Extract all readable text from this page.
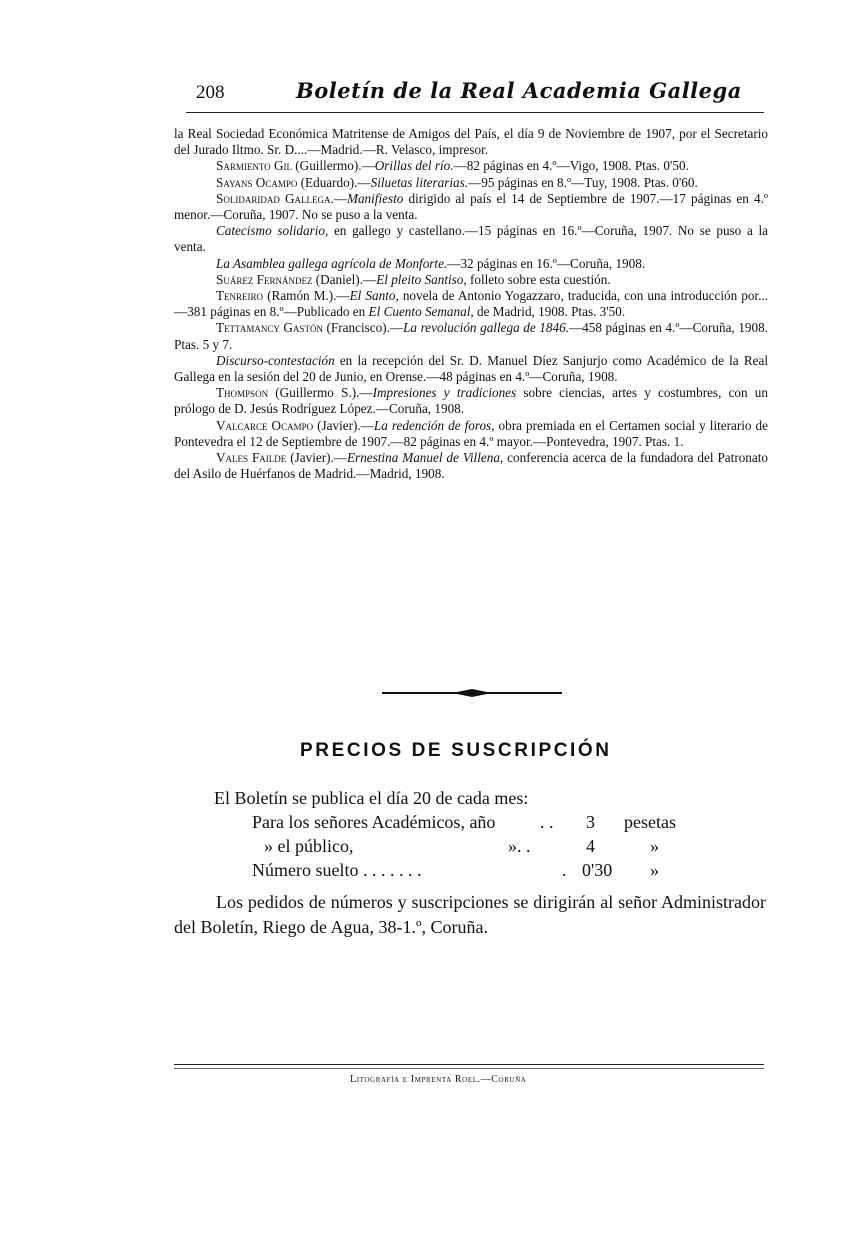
208	Boletín de la Real Academia Gallega

la Real Sociedad Económica Matritense de Amigos del País, el día 9 de Noviembre de 1907, por el Secretario del Jurado Iltmo. Sr. D....—Madrid.—R. Velasco, impresor.

Sarmiento Gil (Guillermo).—Orillas del río.—82 páginas en 4.º—Vigo, 1908. Ptas. 0'50.

Sayans Ocampo (Eduardo).—Siluetas literarias.—95 páginas en 8.º—Tuy, 1908. Ptas. 0'60.

Solidaridad Gallega.—Manifiesto dirigido al país el 14 de Septiembre de 1907.—17 páginas en 4.º menor.—Coruña, 1907. No se puso a la venta.

Catecismo solidario, en gallego y castellano.—15 páginas en 16.º—Coruña, 1907. No se puso a la venta.

La Asamblea gallega agrícola de Monforte.—32 páginas en 16.º—Coruña, 1908.

Suárez Fernández (Daniel).—El pleito Santiso, folleto sobre esta cuestión.

Tenreiro (Ramón M.).—El Santo, novela de Antonio Yogazzaro, traducida, con una introducción por...—381 páginas en 8.º—Publicado en El Cuento Semanal, de Madrid, 1908. Ptas. 3'50.

Tettamancy Gastón (Francisco).—La revolución gallega de 1846.—458 páginas en 4.º—Coruña, 1908. Ptas. 5 y 7.

Discurso-contestación en la recepción del Sr. D. Manuel Díez Sanjurjo como Académico de la Real Gallega en la sesión del 20 de Junio, en Orense.—48 páginas en 4.º—Coruña, 1908.

Thompson (Guillermo S.).—Impresiones y tradiciones sobre ciencias, artes y costumbres, con un prólogo de D. Jesús Rodríguez López.—Coruña, 1908.

Valcarce Ocampo (Javier).—La redención de foros, obra premiada en el Certamen social y literario de Pontevedra el 12 de Septiembre de 1907.—82 páginas en 4.º mayor.—Pontevedra, 1907. Ptas. 1.

Vales Failde (Javier).—Ernestina Manuel de Villena, conferencia acerca de la fundadora del Patronato del Asilo de Huérfanos de Madrid.—Madrid, 1908.

PRECIOS DE SUSCRIPCIÓN
El Boletín se publica el día 20 de cada mes:
Para los señores Académicos, año . . 3 pesetas
» el público,	». .	4	»
Número suelto . . . . . . .	. 0'30 »
Los pedidos de números y suscripciones se dirigirán al señor Administrador del Boletín, Riego de Agua, 38-1.º, Coruña.
Litografía e Imprenta Roel.—Coruña
